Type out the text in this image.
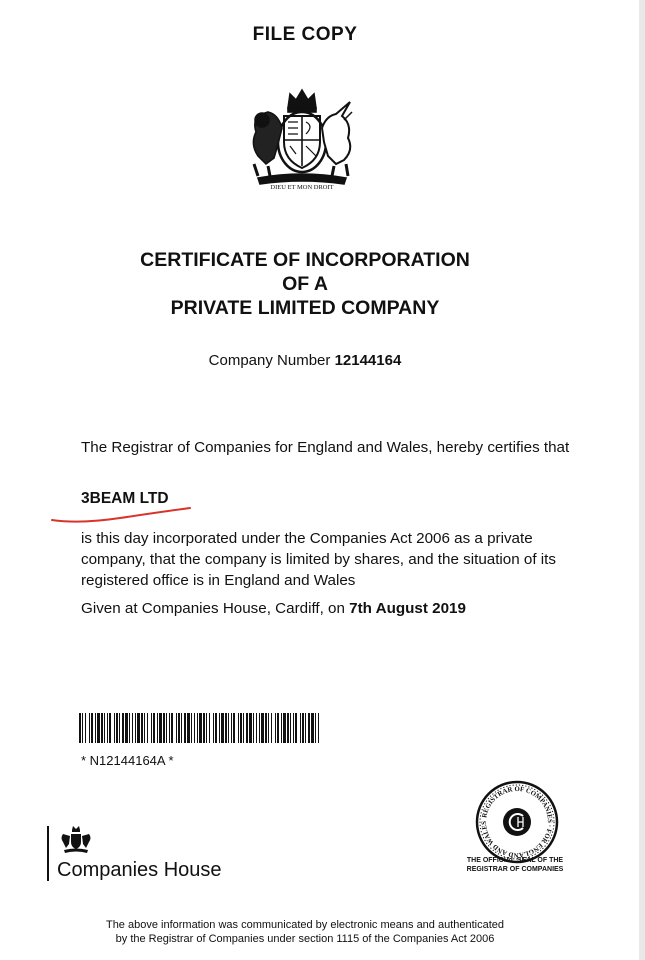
FILE COPY
DIEU ET MON DROIT
CERTIFICATE OF INCORPORATION
OF A
PRIVATE LIMITED COMPANY
Company Number 12144164
The Registrar of Companies for England and Wales, hereby certifies that
3BEAM LTD
is this day incorporated under the Companies Act 2006 as a private company, that the company is limited by shares, and the situation of its registered office is in England and Wales
Given at Companies House, Cardiff, on 7th August 2019
* N12144164A *
REGISTRAR OF COMPANIES · FOR ENGLAND AND WALES
THE OFFICIAL SEAL OF THE
REGISTRAR OF COMPANIES
Companies House
The above information was communicated by electronic means and authenticated
by the Registrar of Companies under section 1115 of the Companies Act 2006
